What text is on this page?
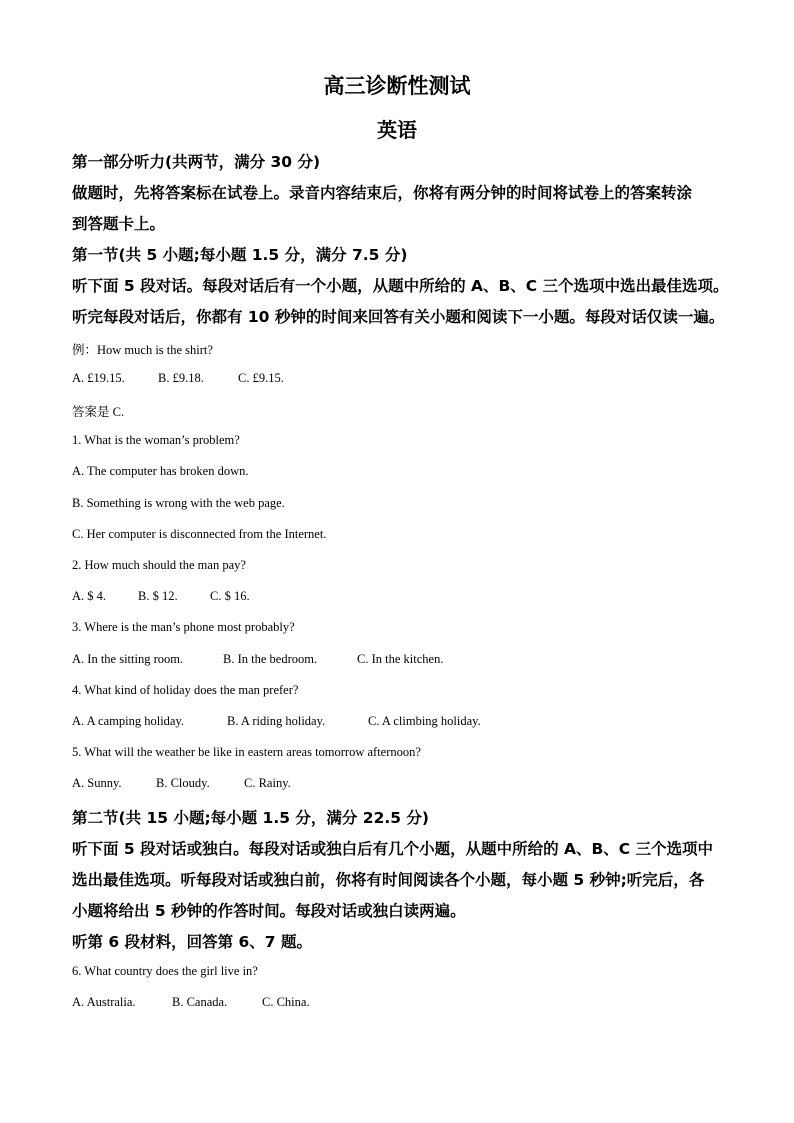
高三诊断性测试
英语
第一部分听力(共两节，满分 30 分)
做题时，先将答案标在试卷上。录音内容结束后，你将有两分钟的时间将试卷上的答案转涂
到答题卡上。
第一节(共 5 小题;每小题 1.5 分，满分 7.5 分)
听下面 5 段对话。每段对话后有一个小题，从题中所给的 A、B、C 三个选项中选出最佳选项。
听完每段对话后，你都有 10 秒钟的时间来回答有关小题和阅读下一小题。每段对话仅读一遍。
例：How much is the shirt?
A. £19.15.	B. £9.18.	C. £9.15.
答案是 C.
1. What is the woman’s problem?
A. The computer has broken down.
B. Something is wrong with the web page.
C. Her computer is disconnected from the Internet.
2. How much should the man pay?
A. $ 4.	B. $ 12.	C. $ 16.
3. Where is the man’s phone most probably?
A. In the sitting room.	B. In the bedroom.	C. In the kitchen.
4. What kind of holiday does the man prefer?
A. A camping holiday.	B. A riding holiday.	C. A climbing holiday.
5. What will the weather be like in eastern areas tomorrow afternoon?
A. Sunny.	B. Cloudy.	C. Rainy.
第二节(共 15 小题;每小题 1.5 分，满分 22.5 分)
听下面 5 段对话或独白。每段对话或独白后有几个小题，从题中所给的 A、B、C 三个选项中
选出最佳选项。听每段对话或独白前，你将有时间阅读各个小题，每小题 5 秒钟;听完后，各
小题将给出 5 秒钟的作答时间。每段对话或独白读两遍。
听第 6 段材料，回答第 6、7 题。
6. What country does the girl live in?
A. Australia.	B. Canada.	C. China.
